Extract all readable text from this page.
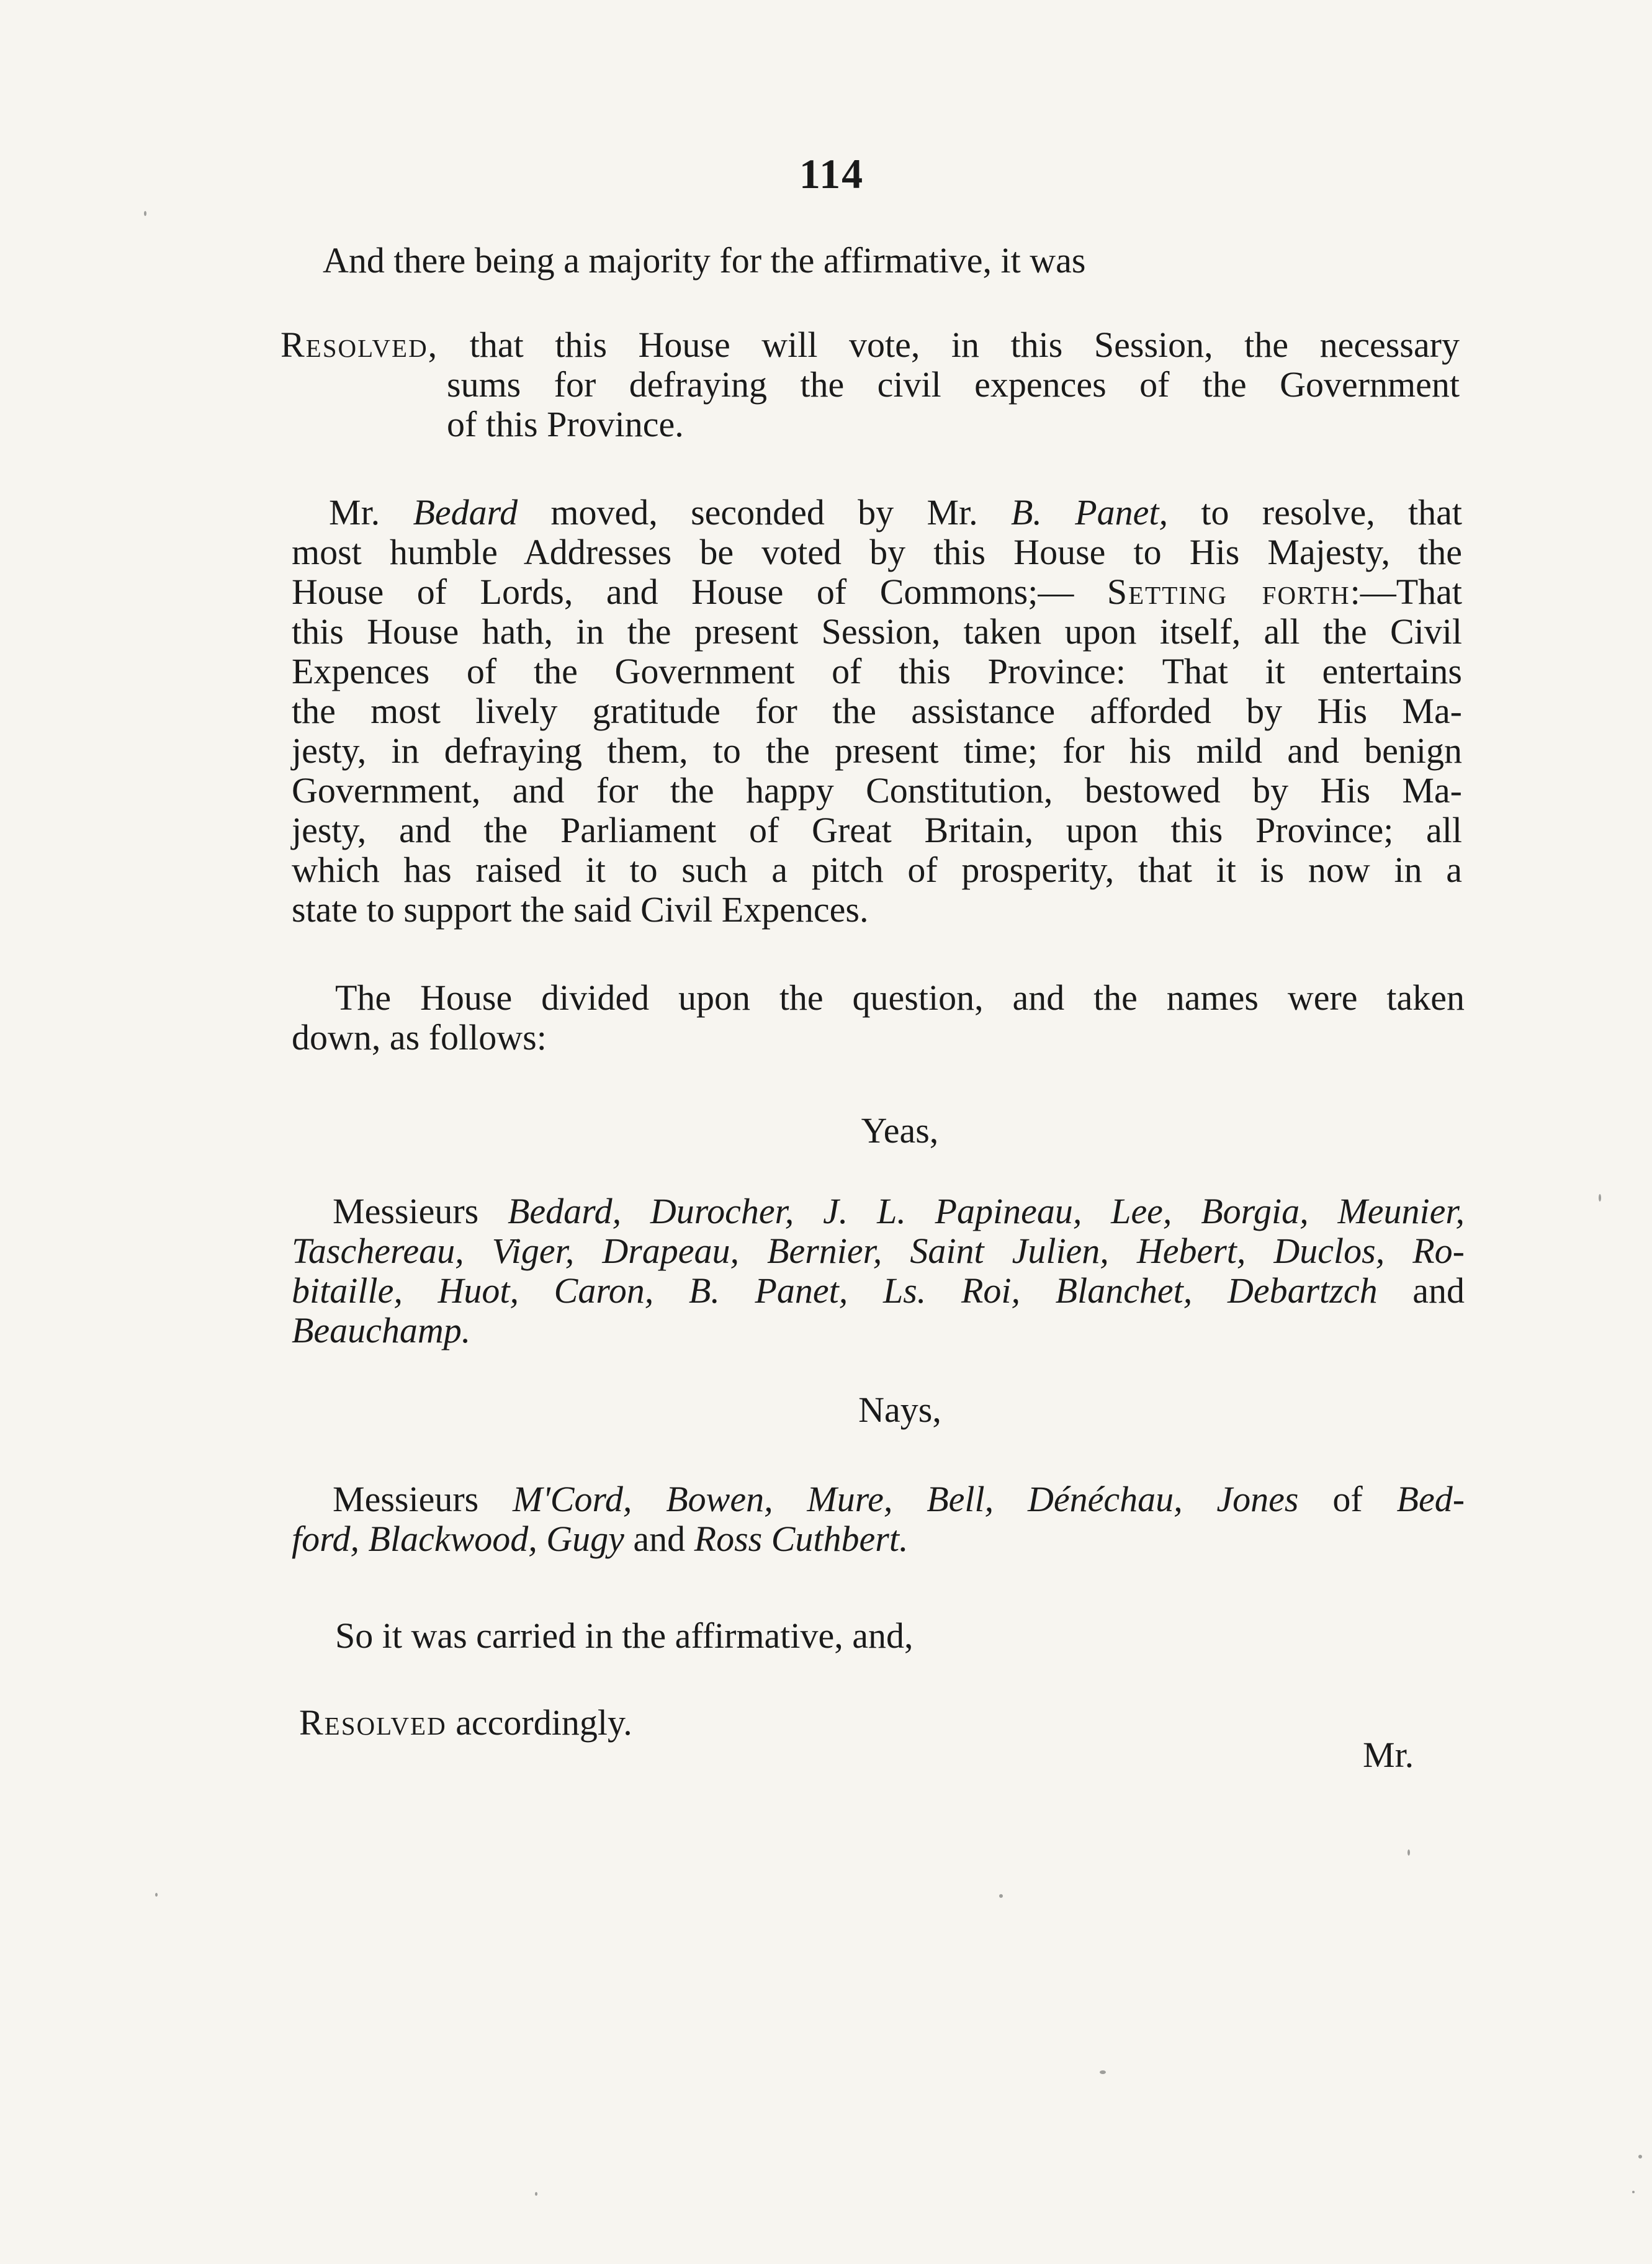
114
And there being a majority for the affirmative, it was
Resolved, that this House will vote, in this Session, the necessary
sums for defraying the civil expences of the Government
of this Province.
Mr. Bedard moved, seconded by Mr. B. Panet, to resolve, that
most humble Addresses be voted by this House to His Majesty, the
House of Lords, and House of Commons;— Setting forth:—That
this House hath, in the present Session, taken upon itself, all the Civil
Expences of the Government of this Province: That it entertains
the most lively gratitude for the assistance afforded by His Ma-
jesty, in defraying them, to the present time; for his mild and benign
Government, and for the happy Constitution, bestowed by His Ma-
jesty, and the Parliament of Great Britain, upon this Province; all
which has raised it to such a pitch of prosperity, that it is now in a
state to support the said Civil Expences.
The House divided upon the question, and the names were taken
down, as follows:
Yeas,
Messieurs Bedard, Durocher, J. L. Papineau, Lee, Borgia, Meunier,
Taschereau, Viger, Drapeau, Bernier, Saint Julien, Hebert, Duclos, Ro-
bitaille, Huot, Caron, B. Panet, Ls. Roi, Blanchet, Debartzch and
Beauchamp.
Nays,
Messieurs M'Cord, Bowen, Mure, Bell, Dénéchau, Jones of Bed-
ford, Blackwood, Gugy and Ross Cuthbert.
So it was carried in the affirmative, and,
Resolved accordingly.
Mr.
